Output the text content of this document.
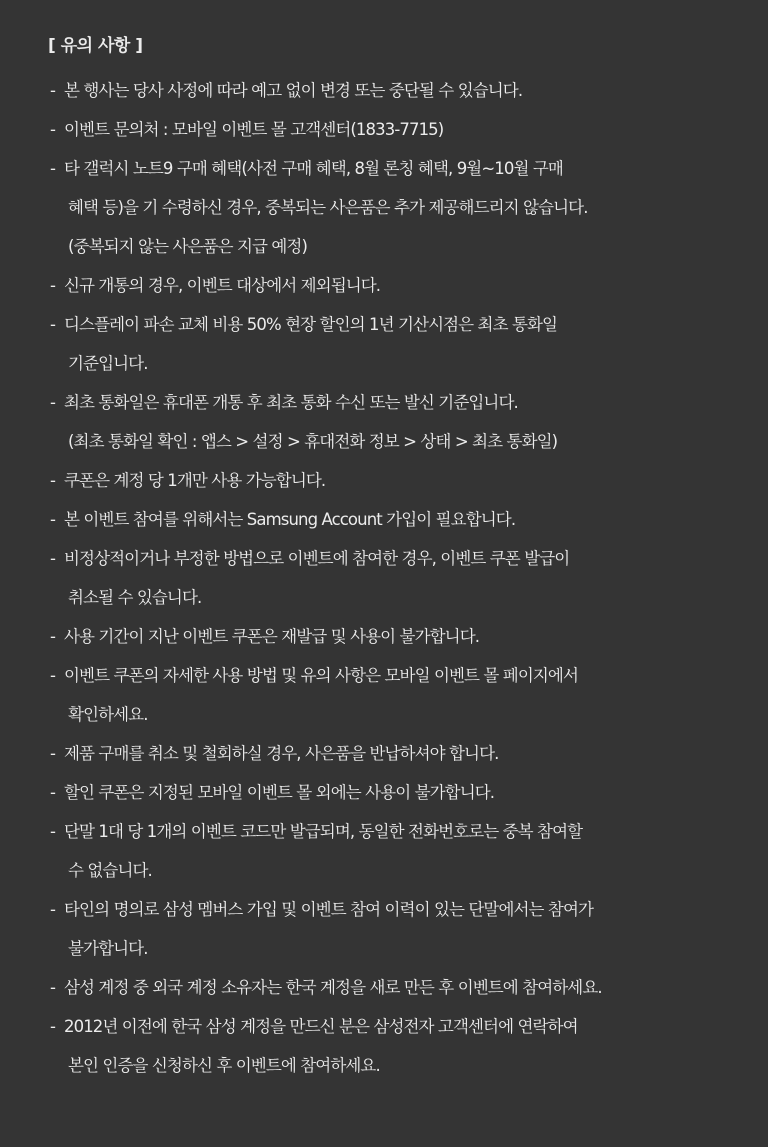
[ 유의 사항 ]
- 본 행사는 당사 사정에 따라 예고 없이 변경 또는 중단될 수 있습니다.
- 이벤트 문의처 : 모바일 이벤트 몰 고객센터(1833-7715)
- 타 갤럭시 노트9 구매 혜택(사전 구매 혜택, 8월 론칭 혜택, 9월~10월 구매
혜택 등)을 기 수령하신 경우, 중복되는 사은품은 추가 제공해드리지 않습니다.
(중복되지 않는 사은품은 지급 예정)
- 신규 개통의 경우, 이벤트 대상에서 제외됩니다.
- 디스플레이 파손 교체 비용 50% 현장 할인의 1년 기산시점은 최초 통화일
기준입니다.
- 최초 통화일은 휴대폰 개통 후 최초 통화 수신 또는 발신 기준입니다.
(최초 통화일 확인 : 앱스 > 설정 > 휴대전화 정보 > 상태 > 최초 통화일)
- 쿠폰은 계정 당 1개만 사용 가능합니다.
- 본 이벤트 참여를 위해서는 Samsung Account 가입이 필요합니다.
- 비정상적이거나 부정한 방법으로 이벤트에 참여한 경우, 이벤트 쿠폰 발급이
취소될 수 있습니다.
- 사용 기간이 지난 이벤트 쿠폰은 재발급 및 사용이 불가합니다.
- 이벤트 쿠폰의 자세한 사용 방법 및 유의 사항은 모바일 이벤트 몰 페이지에서
확인하세요.
- 제품 구매를 취소 및 철회하실 경우, 사은품을 반납하셔야 합니다.
- 할인 쿠폰은 지정된 모바일 이벤트 몰 외에는 사용이 불가합니다.
- 단말 1대 당 1개의 이벤트 코드만 발급되며, 동일한 전화번호로는 중복 참여할
수 없습니다.
- 타인의 명의로 삼성 멤버스 가입 및 이벤트 참여 이력이 있는 단말에서는 참여가
불가합니다.
- 삼성 계정 중 외국 계정 소유자는 한국 계정을 새로 만든 후 이벤트에 참여하세요.
- 2012년 이전에 한국 삼성 계정을 만드신 분은 삼성전자 고객센터에 연락하여
본인 인증을 신청하신 후 이벤트에 참여하세요.
